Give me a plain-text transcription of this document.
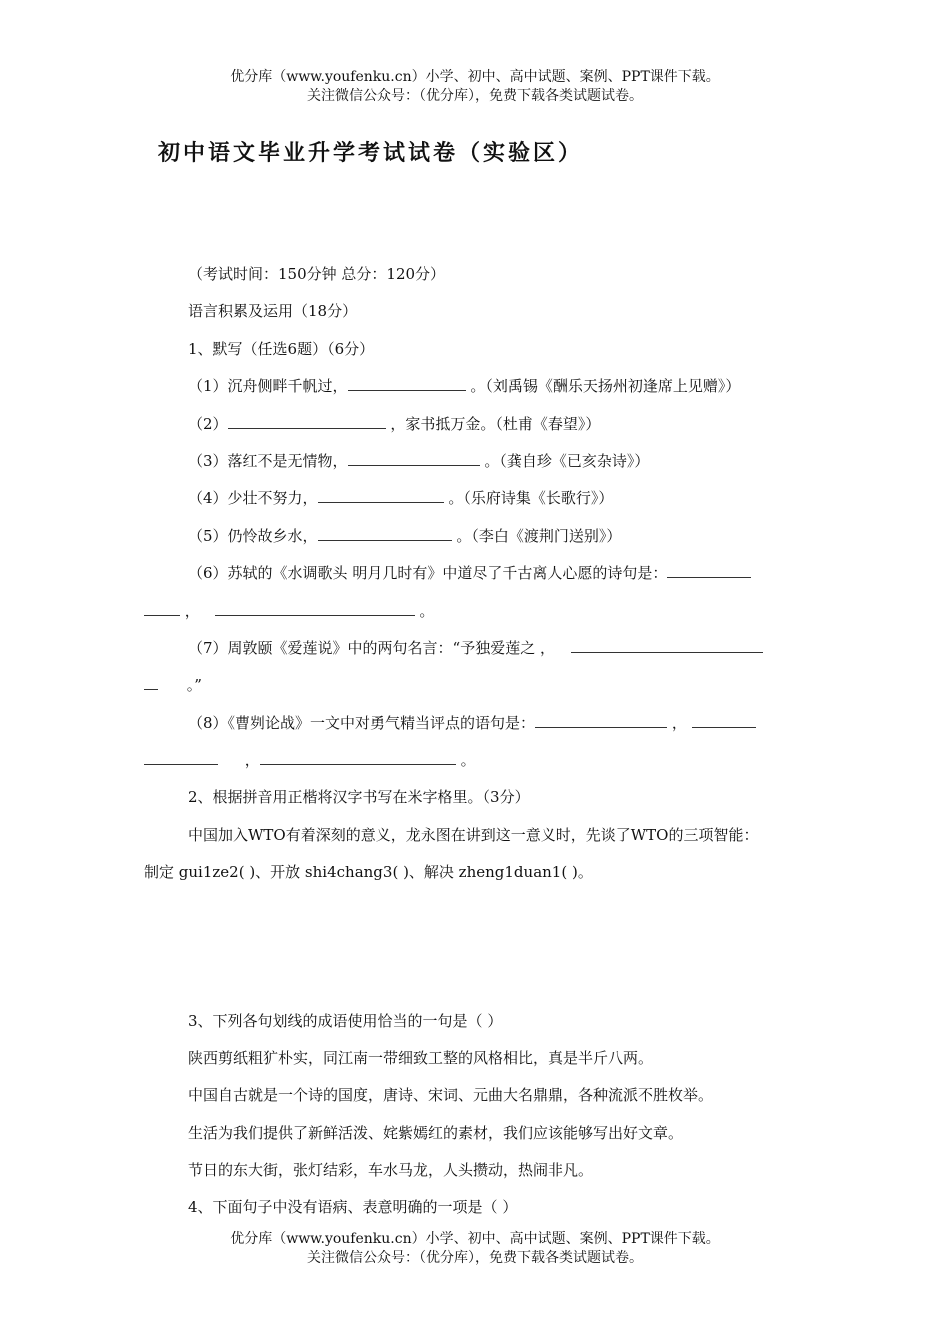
优分库（www.youfenku.cn）小学、初中、高中试题、案例、PPT课件下载。
关注微信公众号：（优分库），免费下载各类试题试卷。
初中语文毕业升学考试试卷（实验区）
（考试时间：150分钟 总分：120分）
语言积累及运用（18分）
1、默写（任选6题）（6分）
（1）沉舟侧畔千帆过，	。（刘禹锡《酬乐天扬州初逢席上见赠》）
（2）	，家书抵万金。（杜甫《春望》）
（3）落红不是无情物，	。（龚自珍《已亥杂诗》）
（4）少壮不努力，	。（乐府诗集《长歌行》）
（5）仍怜故乡水，	。（李白《渡荆门送别》）
（6）苏轼的《水调歌头 明月几时有》中道尽了千古离人心愿的诗句是：
，	。
（7）周敦颐《爱莲说》中的两句名言：“予独爱莲之 ，
。”
（8）《曹刿论战》一文中对勇气精当评点的语句是：	，
，	。
2、根据拼音用正楷将汉字书写在米字格里。（3分）
中国加入WTO有着深刻的意义，龙永图在讲到这一意义时，先谈了WTO的三项智能：
制定 gui1ze2( )、开放 shi4chang3( )、解决 zheng1duan1( )。
3、下列各句划线的成语使用恰当的一句是（ ）
陕西剪纸粗犷朴实，同江南一带细致工整的风格相比，真是半斤八两。
中国自古就是一个诗的国度，唐诗、宋词、元曲大名鼎鼎，各种流派不胜枚举。
生活为我们提供了新鲜活泼、姹紫嫣红的素材，我们应该能够写出好文章。
节日的东大街，张灯结彩，车水马龙，人头攒动，热闹非凡。
4、下面句子中没有语病、表意明确的一项是（ ）
优分库（www.youfenku.cn）小学、初中、高中试题、案例、PPT课件下载。
关注微信公众号：（优分库），免费下载各类试题试卷。
